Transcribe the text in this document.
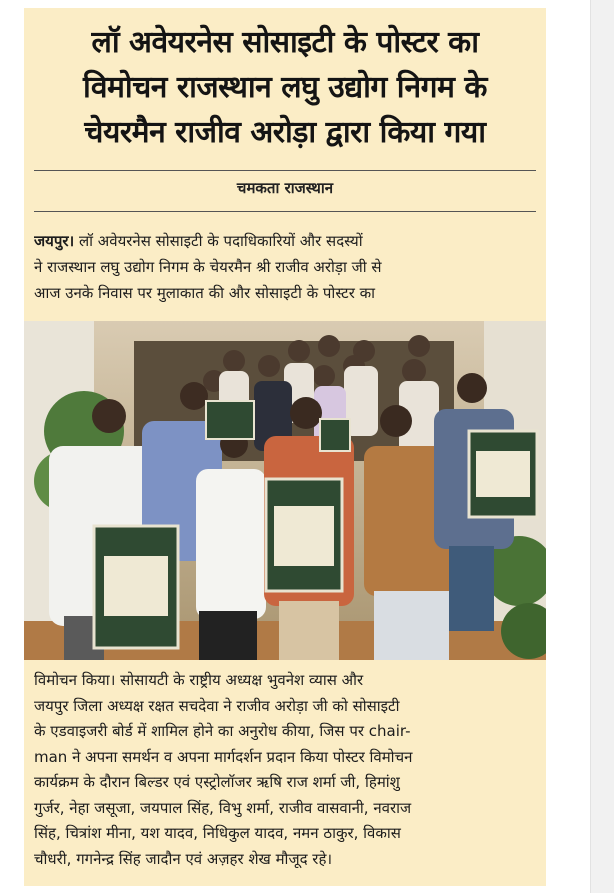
लॉ अवेयरनेस सोसाइटी के पोस्टर का
विमोचन राजस्थान लघु उद्योग निगम के
चेयरमैन राजीव अरोड़ा द्वारा किया गया
चमकता राजस्थान
जयपुर। लॉ अवेयरनेस सोसाइटी के पदाधिकारियों और सदस्यों
ने राजस्थान लघु उद्योग निगम के चेयरमैन श्री राजीव अरोड़ा जी से
आज उनके निवास पर मुलाकात की और सोसाइटी के पोस्टर का
विमोचन किया। सोसायटी के राष्ट्रीय अध्यक्ष भुवनेश व्यास और
जयपुर जिला अध्यक्ष रक्षत सचदेवा ने राजीव अरोड़ा जी को सोसाइटी
के एडवाइजरी बोर्ड में शामिल होने का अनुरोध कीया, जिस पर chair-
man ने अपना समर्थन व अपना मार्गदर्शन प्रदान किया पोस्टर विमोचन
कार्यक्रम के दौरान बिल्डर एवं एस्ट्रोलॉजर ऋषि राज शर्मा जी, हिमांशु
गुर्जर, नेहा जसूजा, जयपाल सिंह, विभु शर्मा, राजीव वासवानी, नवराज
सिंह, चित्रांश मीना, यश यादव, निधिकुल यादव, नमन ठाकुर, विकास
चौधरी, गगनेन्द्र सिंह जादौन एवं अज़हर शेख मौजूद रहे।
